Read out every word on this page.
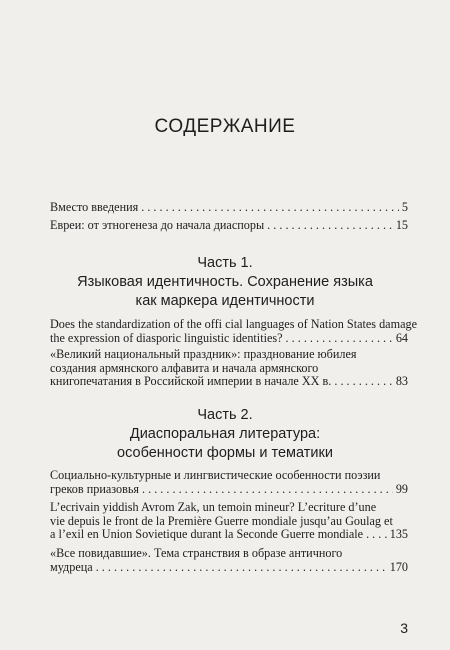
СОДЕРЖАНИЕ
Вместо введения . . .	5
Евреи: от этногенеза до начала диаспоры . . .	15
Часть 1.
Языковая идентичность. Сохранение языка
как маркера идентичности
Does the standardization of the offi cial languages of Nation States damage
the expression of diasporic linguistic identities? . . .	64
«Великий национальный праздник»: празднование юбилея
создания армянского алфавита и начала армянского
книгопечатания в Российской империи в начале XX в. . . .	83
Часть 2.
Диаспоральная литература:
особенности формы и тематики
Социально-культурные и лингвистические особенности поэзии
греков приазовья . . .	99
L’ecrivain yiddish Avrom Zak, un temoin mineur? L’ecriture d’une
vie depuis le front de la Première Guerre mondiale jusqu’au Goulag et
a l’exil en Union Sovietique durant la Seconde Guerre mondiale . . . 135
«Все повидавшие». Тема странствия в образе античного
мудреца . . .	170
3
